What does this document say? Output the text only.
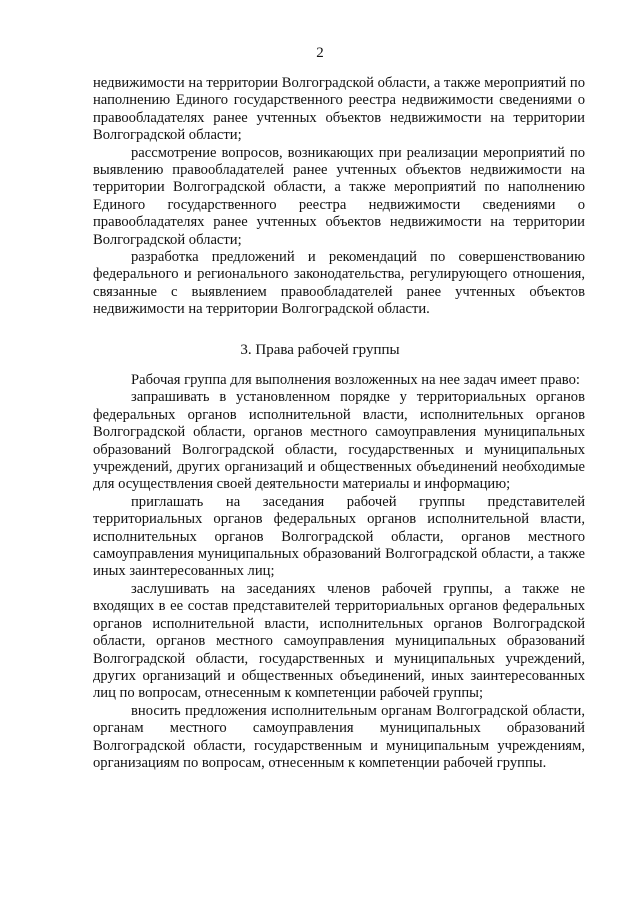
2

недвижимости на территории Волгоградской области, а также мероприятий по наполнению Единого государственного реестра недвижимости сведениями о правообладателях ранее учтенных объектов недвижимости на территории Волгоградской области;

рассмотрение вопросов, возникающих при реализации мероприятий по выявлению правообладателей ранее учтенных объектов недвижимости на территории Волгоградской области, а также мероприятий по наполнению Единого государственного реестра недвижимости сведениями о правообладателях ранее учтенных объектов недвижимости на территории Волгоградской области;

разработка предложений и рекомендаций по совершенствованию федерального и регионального законодательства, регулирующего отношения, связанные с выявлением правообладателей ранее учтенных объектов недвижимости на территории Волгоградской области.

3. Права рабочей группы

Рабочая группа для выполнения возложенных на нее задач имеет право:

запрашивать в установленном порядке у территориальных органов федеральных органов исполнительной власти, исполнительных органов Волгоградской области, органов местного самоуправления муниципальных образований Волгоградской области, государственных и муниципальных учреждений, других организаций и общественных объединений необходимые для осуществления своей деятельности материалы и информацию;

приглашать на заседания рабочей группы представителей территориальных органов федеральных органов исполнительной власти, исполнительных органов Волгоградской области, органов местного самоуправления муниципальных образований Волгоградской области, а также иных заинтересованных лиц;

заслушивать на заседаниях членов рабочей группы, а также не входящих в ее состав представителей территориальных органов федеральных органов исполнительной власти, исполнительных органов Волгоградской области, органов местного самоуправления муниципальных образований Волгоградской области, государственных и муниципальных учреждений, других организаций и общественных объединений, иных заинтересованных лиц по вопросам, отнесенным к компетенции рабочей группы;

вносить предложения исполнительным органам Волгоградской области, органам местного самоуправления муниципальных образований Волгоградской области, государственным и муниципальным учреждениям, организациям по вопросам, отнесенным к компетенции рабочей группы.
